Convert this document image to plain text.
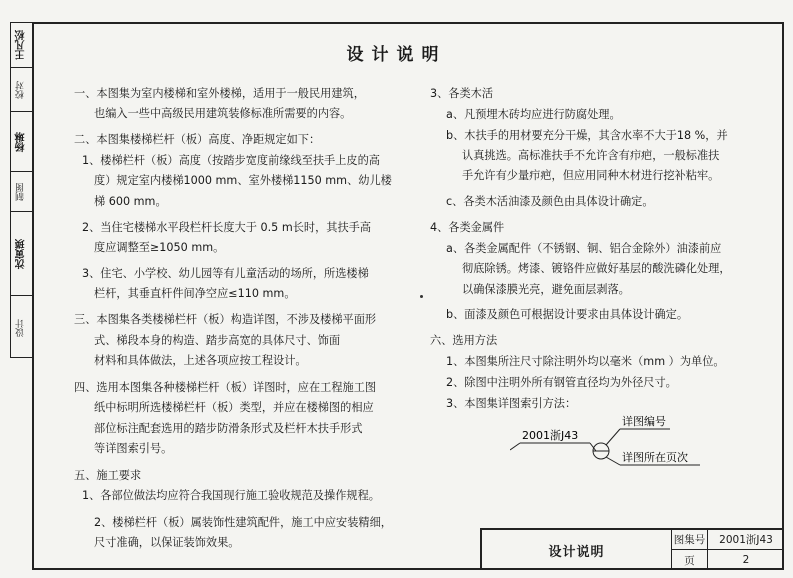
王凡松
校对
杨琳
制图
沈寅瑛
设计
设计说明
一、本图集为室内楼梯和室外楼梯，适用于一般民用建筑，
也编入一些中高级民用建筑装修标准所需要的内容。
二、本图集楼梯栏杆（板）高度、净距规定如下：
1、楼梯栏杆（板）高度（按踏步宽度前缘线至扶手上皮的高
度）规定室内楼梯1000 mm、室外楼梯1150 mm、幼儿楼
梯 600 mm。
2、当住宅楼梯水平段栏杆长度大于 0.5 m长时，其扶手高
度应调整至≥1050 mm。
3、住宅、小学校、幼儿园等有儿童活动的场所，所选楼梯
栏杆，其垂直杆件间净空应≤110 mm。
三、本图集各类楼梯栏杆（板）构造详图，不涉及楼梯平面形
式、梯段本身的构造、踏步高宽的具体尺寸、饰面
材料和具体做法，上述各项应按工程设计。
四、选用本图集各种楼梯栏杆（板）详图时，应在工程施工图
纸中标明所选楼梯栏杆（板）类型，并应在楼梯图的相应
部位标注配套选用的踏步防滑条形式及栏杆木扶手形式
等详图索引号。
五、施工要求
1、各部位做法均应符合我国现行施工验收规范及操作规程。
2、楼梯栏杆（板）属装饰性建筑配件，施工中应安装精细，
尺寸准确，以保证装饰效果。
3、各类木活
a、凡预埋木砖均应进行防腐处理。
b、木扶手的用材要充分干燥，其含水率不大于18 %，并
认真挑选。高标准扶手不允许含有疖疤，一般标准扶
手允许有少量疖疤，但应用同种木材进行挖补粘牢。
c、各类木活油漆及颜色由具体设计确定。
4、各类金属件
a、各类金属配件（不锈钢、铜、铝合金除外）油漆前应
彻底除锈。烤漆、镀铬件应做好基层的酸洗磷化处理，
以确保漆膜光亮，避免面层剥落。
b、面漆及颜色可根据设计要求由具体设计确定。
六、选用方法
1、本图集所注尺寸除注明外均以毫米（mm ）为单位。
2、除图中注明外所有钢管直径均为外径尺寸。
3、本图集详图索引方法：
2001浙J43
详图编号
详图所在页次
设计说明
图集号	2001浙J43
页	2
